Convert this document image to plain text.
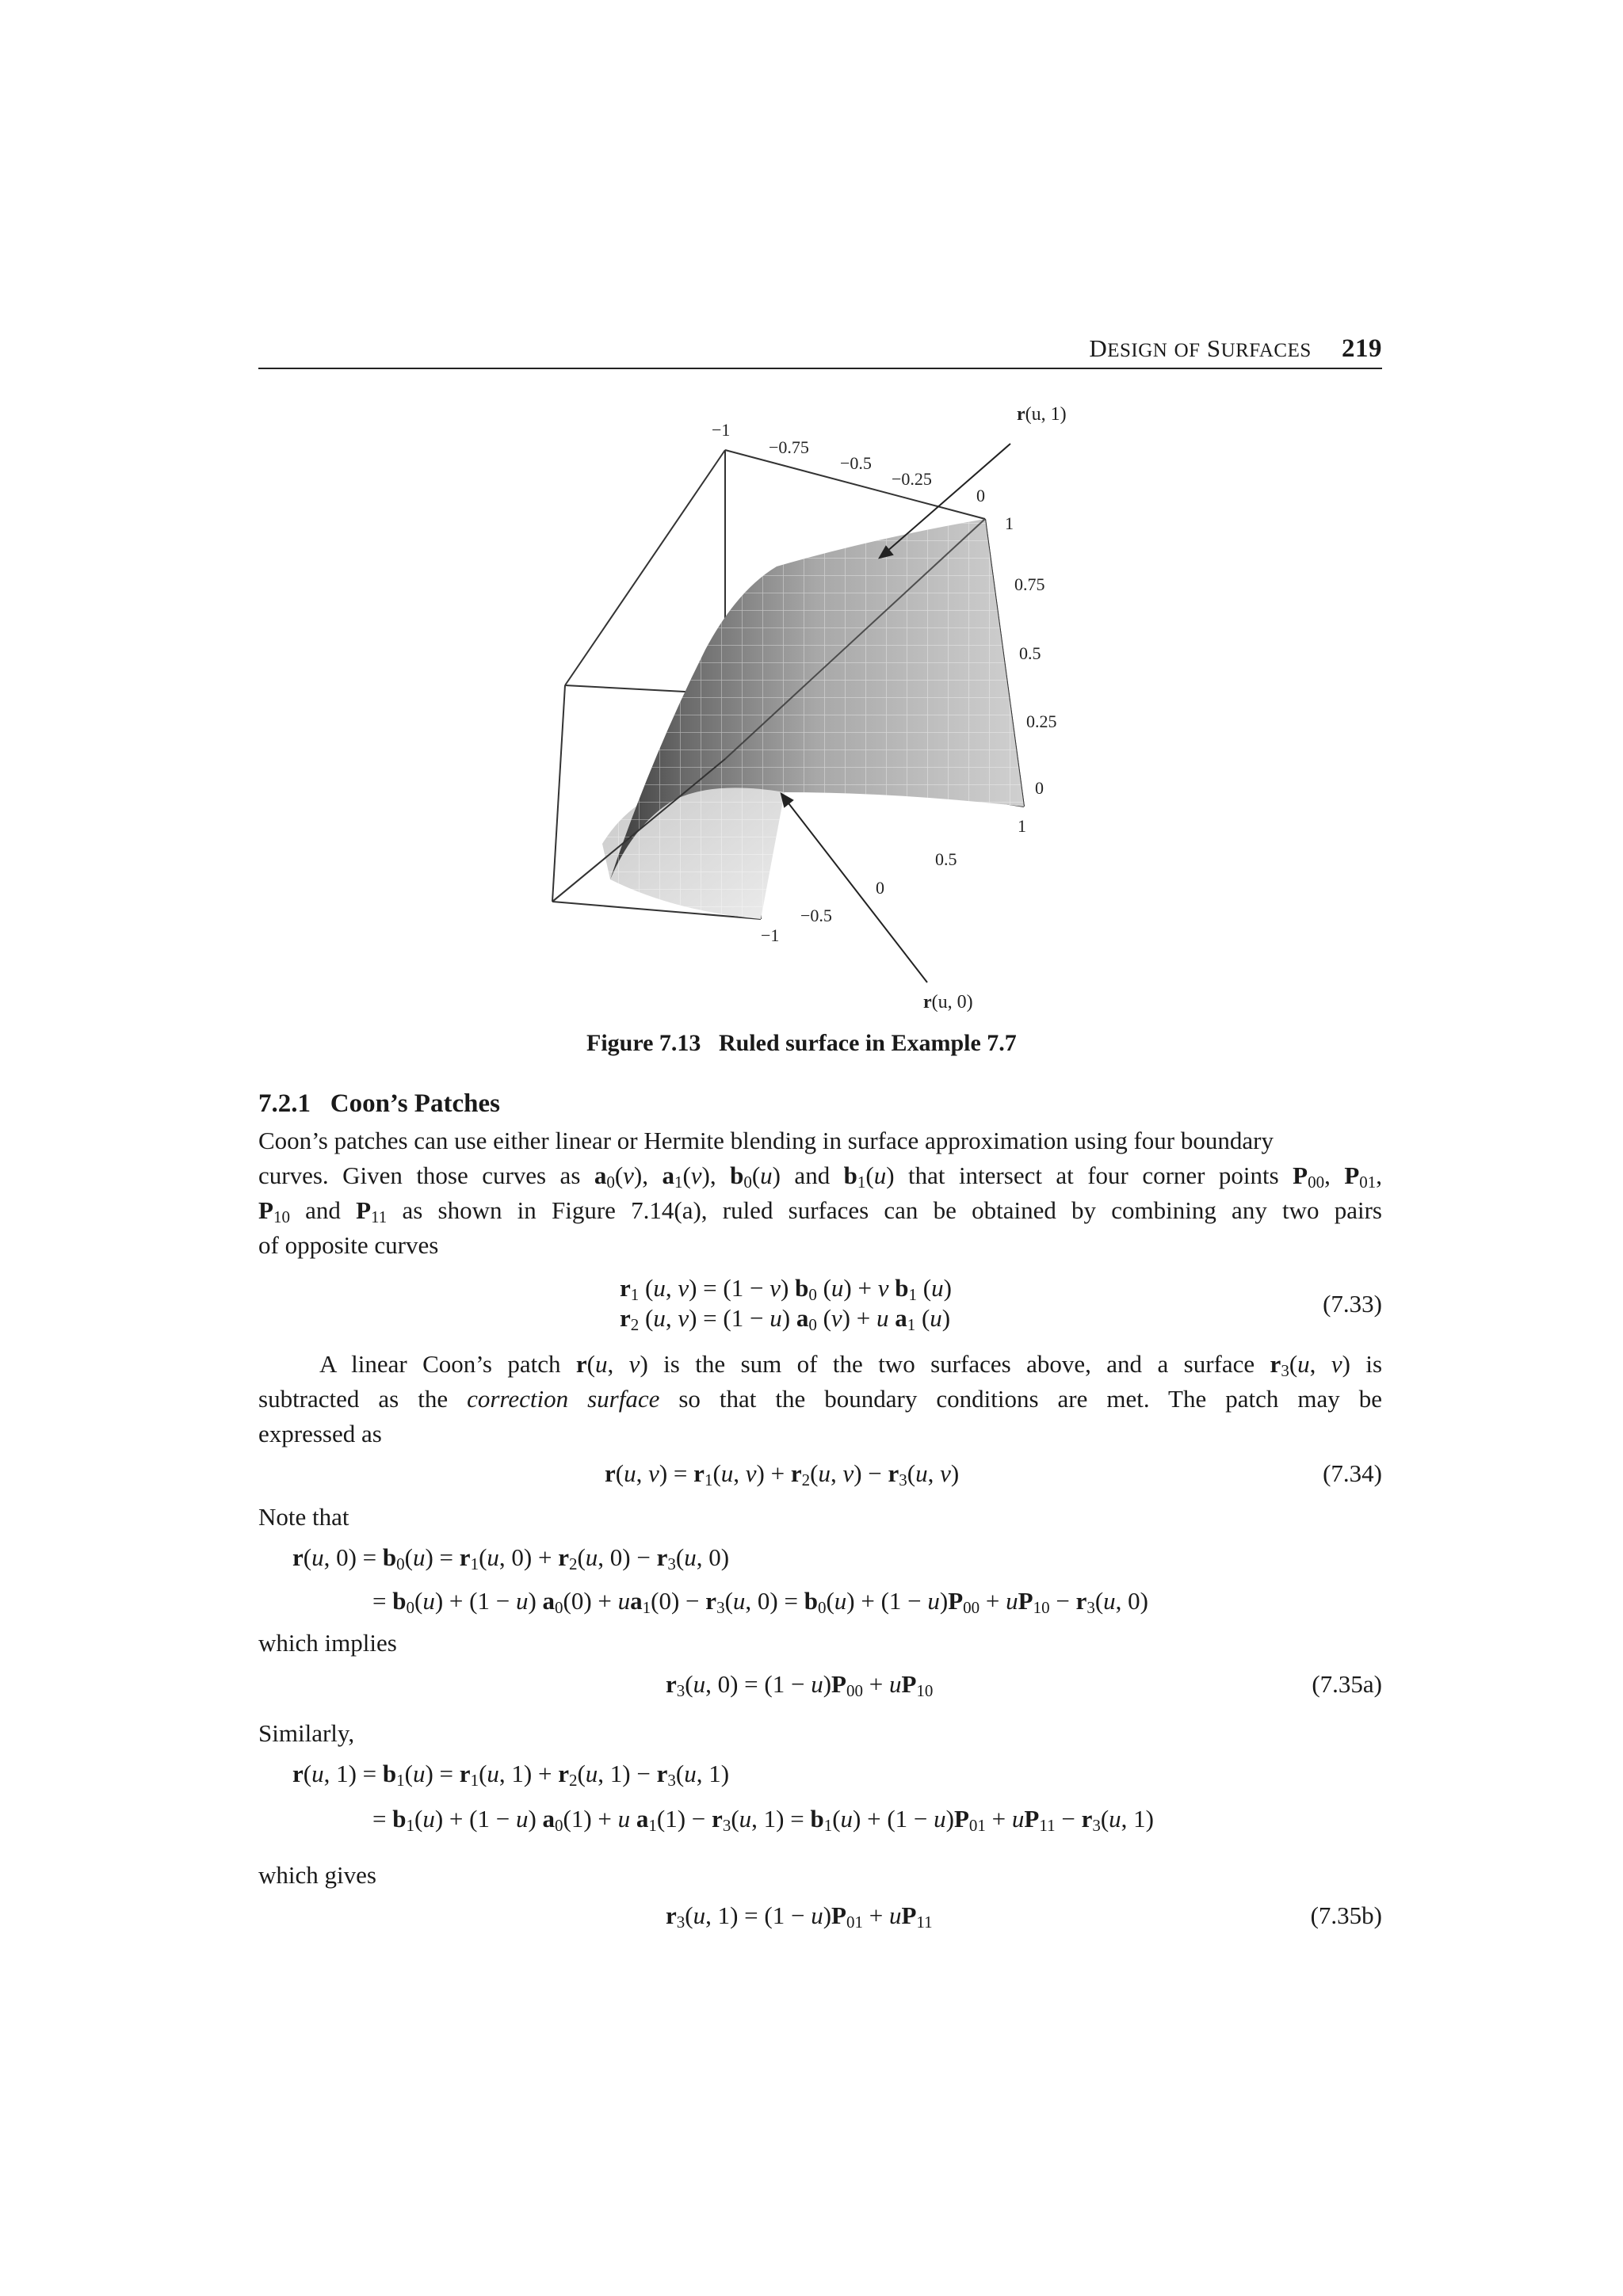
DESIGN OF SURFACES 219
−1
−0.75
−0.5
−0.25
0
1
0.75
0.5
0.25
0
1
0.5
0
−0.5
−1
r(u, 1)
r(u, 0)
Figure 7.13 Ruled surface in Example 7.7
7.2.1 Coon’s Patches
Coon’s patches can use either linear or Hermite blending in surface approximation using four boundary
curves. Given those curves as $a_0(v)$, $a_1(v)$, $b_0(u)$ and $b_1(u)$ that intersect at four corner points $P_{00}$, $P_{01}$,
$P_{10}$ and $P_{11}$ as shown in Figure 7.14(a), ruled surfaces can be obtained by combining any two pairs
of opposite curves
$r_1$ (u, v) = (1 − v) $b_0$ (u) + v $b_1$ (u)
$r_2$ (u, v) = (1 − u) $a_0$ (v) + u $a_1$ (u)
(7.33)
A linear Coon’s patch r(u, v) is the sum of the two surfaces above, and a surface $r_3(u$, v) is
subtracted as the correction surface so that the boundary conditions are met. The patch may be
expressed as
r(u, $v) = r_1(u$, $v) + r_2(u$, $v) - r_3(u$, v)	(7.34)
Note that
r(u, $0) = b_0(u) = r_1(u$, $0) + r_2(u$, $0) - r_3(u$, 0)
= $b_0(u) + (1 - u) a_0(0) + ua_1(0) - r_3(u$, $0) = b_0(u) + (1 - u)P_{00} + uP_{10} - r_3(u$, 0)
which implies
$r_3(u$, $0) = (1 - u)P_{00} + uP_{10}$	(7.35a)
Similarly,
r(u, $1) = b_1(u) = r_1(u$, $1) + r_2(u$, $1) - r_3(u$, 1)
= $b_1(u) + (1 - u) a_0(1) + u$ $a_1(1) - r_3(u$, $1) = b_1(u) + (1 - u)P_{01} + uP_{11} - r_3(u$, 1)
which gives
$r_3(u$, $1) = (1 - u)P_{01} + uP_{11}$	(7.35b)
